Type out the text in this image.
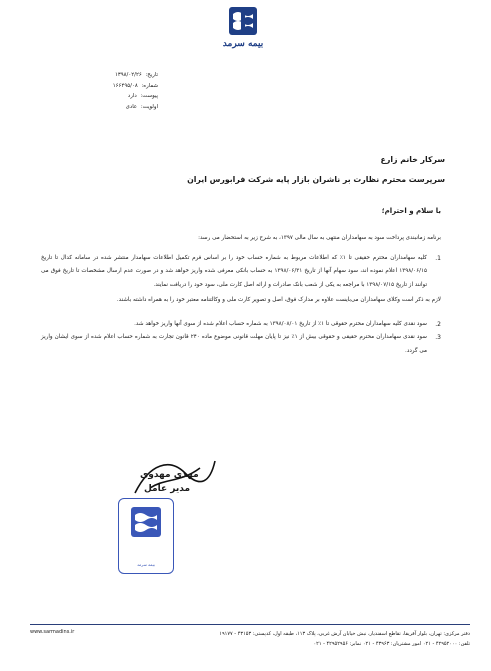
بیمه سرمد
تاریخ: ۱۳۹۸/۰۲/۲۶
شماره: ۱۶۶۴۹۵/۰۸
پیوست: دارد
اولویت: عادی
سرکار خانم زارع
سرپرست محترم نظارت بر ناشران بازار پایه شرکت فرابورس ایران
با سلام و احترام؛
برنامه زمانبندی پرداخت سود به سهامداران منتهی به سال مالی ۱۳۹۷، به شرح زیر به استحضار می رسد:
1.
کلیه سهامداران محترم حقیقی تا ۱٪ که اطلاعات مربوط به شماره حساب خود را بر اساس فرم تکمیل اطلاعات سهامدار منتشر شده در سامانه کدال تا تاریخ ۱۳۹۸/۰۶/۱۵ اعلام نموده اند، سود سهام آنها از تاریخ ۱۳۹۸/۰۶/۳۱ به حساب بانکی معرفی شده واریز خواهد شد و در صورت عدم ارسال مشخصات تا تاریخ فوق می توانند از تاریخ ۱۳۹۸/۰۷/۱۵ با مراجعه به یکی از شعب بانک صادرات و ارائه اصل کارت ملی، سود خود را دریافت نمایند.
لازم به ذکر است وکلای سهامداران می‌بایست علاوه بر مدارک فوق، اصل و تصویر کارت ملی و وکالتنامه معتبر خود را به همراه داشته باشند.
2.
سود نقدی کلیه سهامداران محترم حقوقی تا ۱٪ از تاریخ ۱۳۹۸/۰۸/۰۱ به شماره حساب اعلام شده از سوی آنها واریز خواهد شد.
3.
سود نقدی سهامداران محترم حقیقی و حقوقی بیش از ۱٪ نیز تا پایان مهلت قانونی موضوع ماده ۲۴۰ قانون تجارت به شماره حساب اعلام شده از سوی ایشان واریز می گردد.
مهدی مهدوی
مدیر عامل
بیمه سرمد
دفتر مرکزی: تهران، بلوار آفریقا، تقاطع اسفندیار، نبش خیابان آرش غربی، پلاک ۱۱۳، طبقه اول، کدپستی: ۴۳۱۵۳ - ۱۹۱۷۷
تلفن: ۴۲۹۵۲۰۰۰ - ۰۲۱ امور مشتریان: ۴۳۹۶۳ - ۰۲۱ نمابر: ۴۲۹۵۲۹۵۶ - ۰۲۱
www.sarmadins.ir
